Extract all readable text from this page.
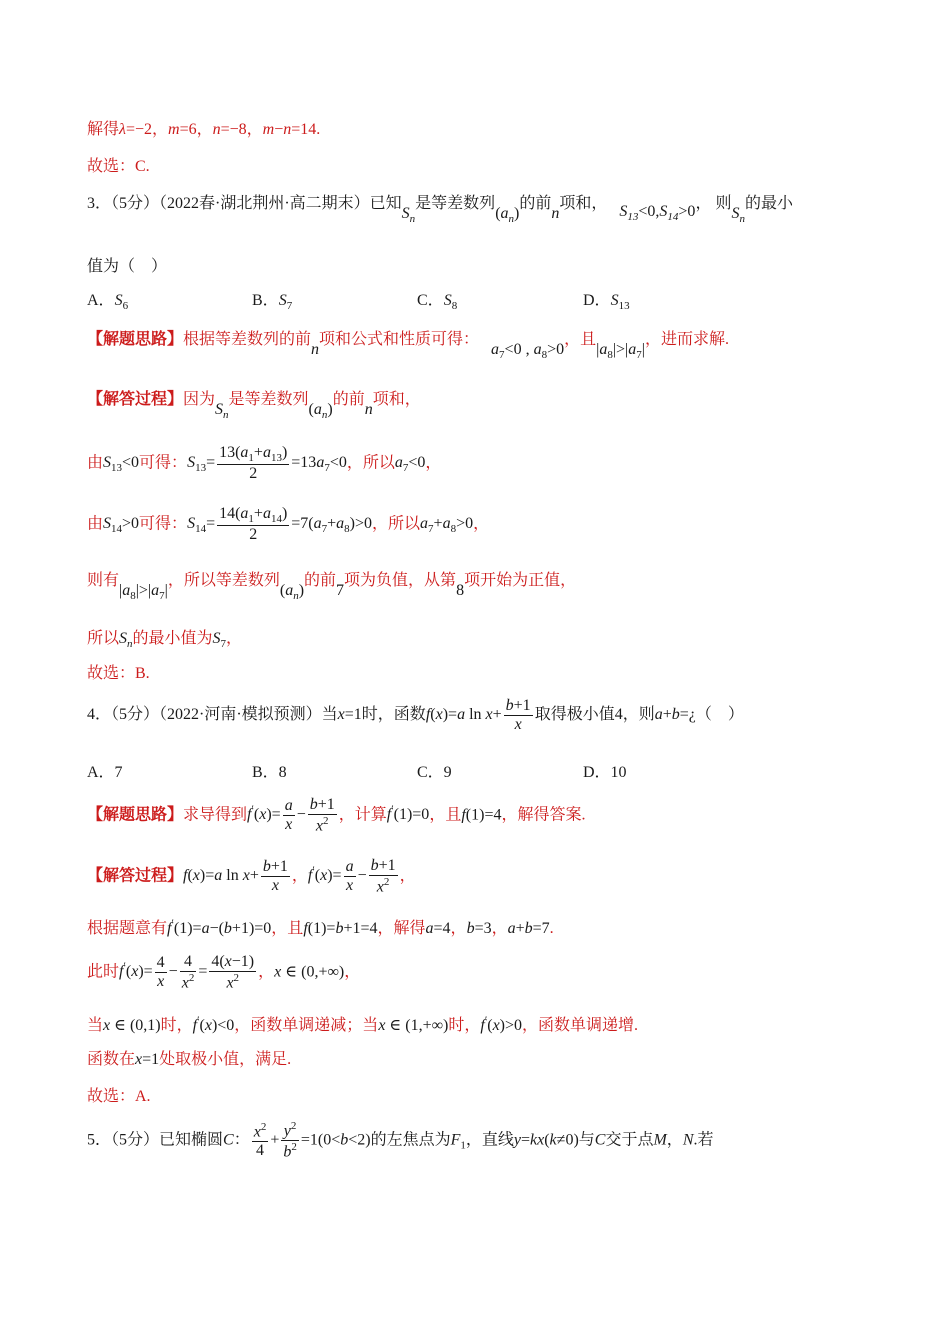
解得λ=−2，m=6，n=−8，m−n=14.
故选：C.
3．（5分）（2022春·湖北荆州·高二期末）已知$S_n$是等差数列$(a_n)$的前n项和，   $S_{13}<0,S_{14}>0$， 则$S_n$的最小
值为（　）
A．$S_6$	B．$S_7$	C．$S_8$	D．$S_{13}$
【解题思路】根据等差数列的前n项和公式和性质可得：   $a_7<0$ , $a_8>0$，且$|a_8|>|a_7|$，进而求解.
【解答过程】因为$S_n$是等差数列$(a_n)$的前n项和，
由$S_{13}<0$可得：$S_{13}= \frac{13(a_1+a_{13})}{2} =13a_7<0$，所以$a_7<0$，
由$S_{14}>0$可得：$S_{14}= \frac{14(a_1+a_{14})}{2} =7(a_7+a_8)>0$，所以$a_7+a_8>0$，
则有$|a_8|>|a_7|$，所以等差数列$(a_n)$的前7项为负值，从第8项开始为正值，
所以$S_n$的最小值为$S_7$，
故选：B.
4．（5分）（2022·河南·模拟预测）当x=1时，函数f(x)=a $\ln x+ \frac{b+1}{x}$ 取得极小值4，则a+b=¿（　）
A．7	B．8	C．9	D．10
【解题思路】求导得到$f'(x)= \frac{a}{x} - \frac{b+1}{x^2}$ ，计算f′(1)=0，且f(1)=4，解得答案.
【解答过程】f(x)=a $\ln x+ \frac{b+1}{x}$ ，$f'(x)= \frac{a}{x} - \frac{b+1}{x^2}$ ，
根据题意有f′(1)=a−(b+1)=0，且f(1)=b+1=4，解得a=4，b=3，a+b=7.
此时$f'(x)= \frac{4}{x} - \frac{4}{x^2} = \frac{4(x-1)}{x^2}$ ，x ∈ (0,+∞)，
当x ∈ (0,1)时，f′(x)<0，函数单调递减；当x ∈ (1,+∞)时，f′(x)>0，函数单调递增.
函数在x=1处取极小值，满足.
故选：A.
5．（5分）已知椭圆C： $\frac{x^2}{4} + \frac{y^2}{b^2} =1(0<b<2)$的左焦点为$F_1$，直线y=kx(k≠0)与C交于点M，N.若
